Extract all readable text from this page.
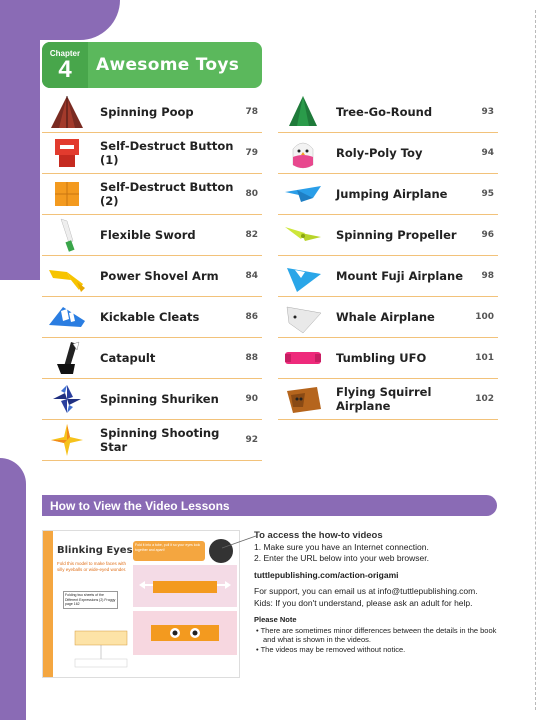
Chapter
4 Awesome Toys
Spinning Poop	78
Self-Destruct Button (1)	79
Self-Destruct Button (2)	80
Flexible Sword	82
Power Shovel Arm	84
Kickable Cleats	86
Catapult	88
Spinning Shuriken	90
Spinning Shooting Star	92
Tree-Go-Round	93
Roly-Poly Toy	94
Jumping Airplane	95
Spinning Propeller	96
Mount Fuji Airplane	98
Whale Airplane	100
Tumbling UFO	101
Flying Squirrel Airplane	102
How to View the Video Lessons
Blinking Eyes
Fold this model to make faces with silly eyeballs or wide-eyed wonder.
Folding two sheets of the Different Expressions (2) Froggy page 162
Fold it into a tube, pull it so your eyes look together and apart!
To access the how-to videos
1. Make sure you have an Internet connection.
2. Enter the URL below into your web browser.
tuttlepublishing.com/action-origami
For support, you can email us at info@tuttlepublishing.com.
Kids: If you don't understand, please ask an adult for help.
Please Note
• There are sometimes minor differences between the details in the book and what is shown in the videos.
• The videos may be removed without notice.
